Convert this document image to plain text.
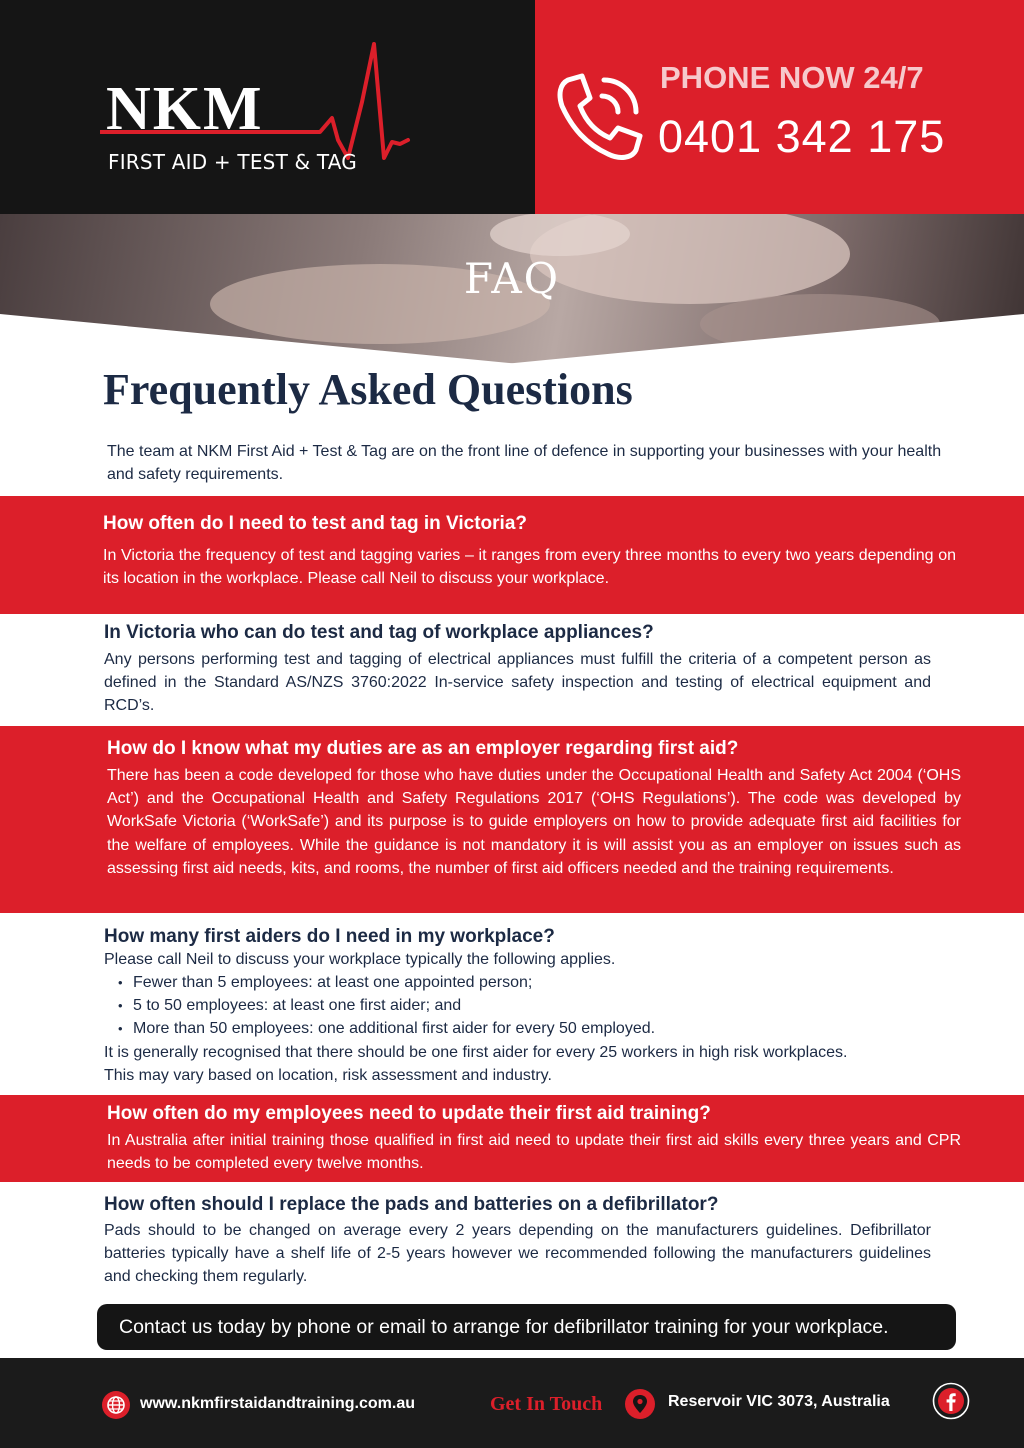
NKM
FIRST AID + TEST & TAG
PHONE NOW 24/7
0401 342 175
FAQ
Frequently Asked Questions

The team at NKM First Aid + Test & Tag are on the front line of defence in supporting your businesses with your health and safety requirements.

How often do I need to test and tag in Victoria?
In Victoria the frequency of test and tagging varies – it ranges from every three months to every two years depending on its location in the workplace. Please call Neil to discuss your workplace.
In Victoria who can do test and tag of workplace appliances?
Any persons performing test and tagging of electrical appliances must fulfill the criteria of a competent person as defined in the Standard AS/NZS 3760:2022 In-service safety inspection and testing of electrical equipment and RCD’s.
How do I know what my duties are as an employer regarding first aid?
There has been a code developed for those who have duties under the Occupational Health and Safety Act 2004 (‘OHS Act’) and the Occupational Health and Safety Regulations 2017 (‘OHS Regulations’). The code was developed by WorkSafe Victoria (‘WorkSafe’) and its purpose is to guide employers on how to provide adequate first aid facilities for the welfare of employees. While the guidance is not mandatory it is will assist you as an employer on issues such as assessing first aid needs, kits, and rooms, the number of first aid officers needed and the training requirements.
How many first aiders do I need in my workplace?
Please call Neil to discuss your workplace typically the following applies.
• Fewer than 5 employees: at least one appointed person;
• 5 to 50 employees: at least one first aider; and
• More than 50 employees: one additional first aider for every 50 employed.
It is generally recognised that there should be one first aider for every 25 workers in high risk workplaces.
This may vary based on location, risk assessment and industry.
How often do my employees need to update their first aid training?
In Australia after initial training those qualified in first aid need to update their first aid skills every three years and CPR needs to be completed every twelve months.
How often should I replace the pads and batteries on a defibrillator?
Pads should to be changed on average every 2 years depending on the manufacturers guidelines. Defibrillator batteries typically have a shelf life of 2-5 years however we recommended following the manufacturers guidelines and checking them regularly.
Contact us today by phone or email to arrange for defibrillator training for your workplace.
www.nkmfirstaidandtraining.com.au	Get In Touch	Reservoir VIC 3073, Australia
